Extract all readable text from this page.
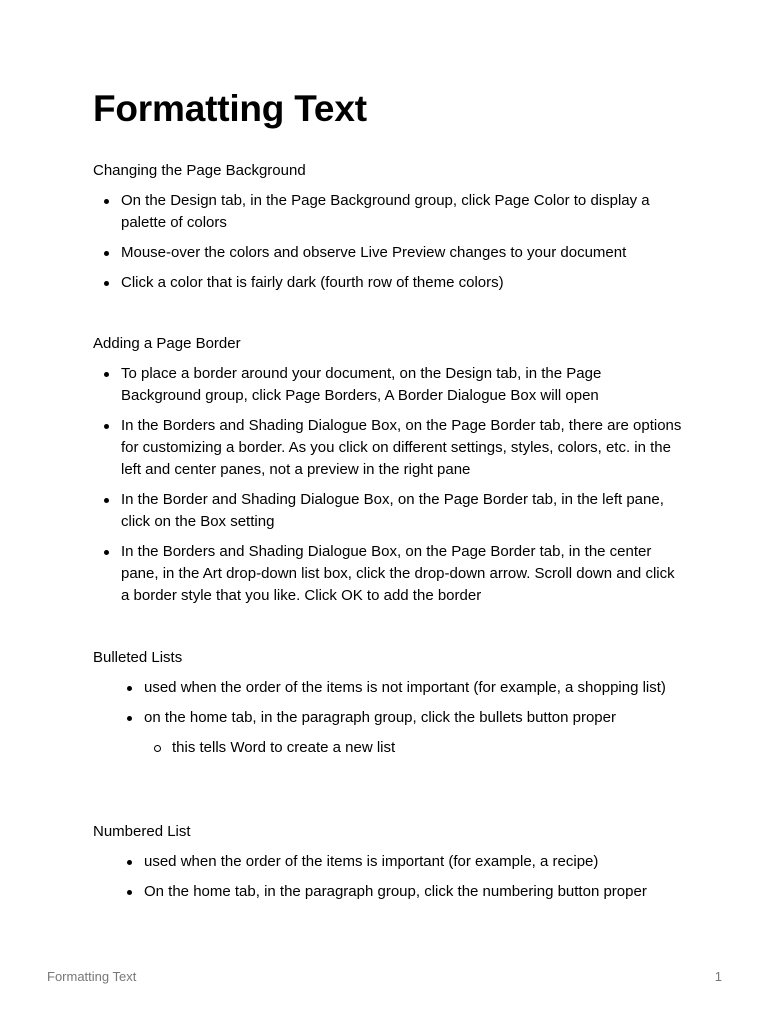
Formatting Text

Changing the Page Background

On the Design tab, in the Page Background group, click Page Color to display a palette of colors
Mouse-over the colors and observe Live Preview changes to your document
Click a color that is fairly dark (fourth row of theme colors)

Adding a Page Border

To place a border around your document, on the Design tab, in the Page Background group, click Page Borders, A Border Dialogue Box will open
In the Borders and Shading Dialogue Box, on the Page Border tab, there are options for customizing a border. As you click on different settings, styles, colors, etc. in the left and center panes, not a preview in the right pane
In the Border and Shading Dialogue Box, on the Page Border tab, in the left pane, click on the Box setting
In the Borders and Shading Dialogue Box, on the Page Border tab, in the center pane, in the Art drop-down list box, click the drop-down arrow. Scroll down and click a border style that you like. Click OK to add the border

Bulleted Lists

used when the order of the items is not important (for example, a shopping list)
on the home tab, in the paragraph group, click the bullets button proper
this tells Word to create a new list

Numbered List

used when the order of the items is important (for example, a recipe)
On the home tab, in the paragraph group, click the numbering button proper
Formatting Text	1
